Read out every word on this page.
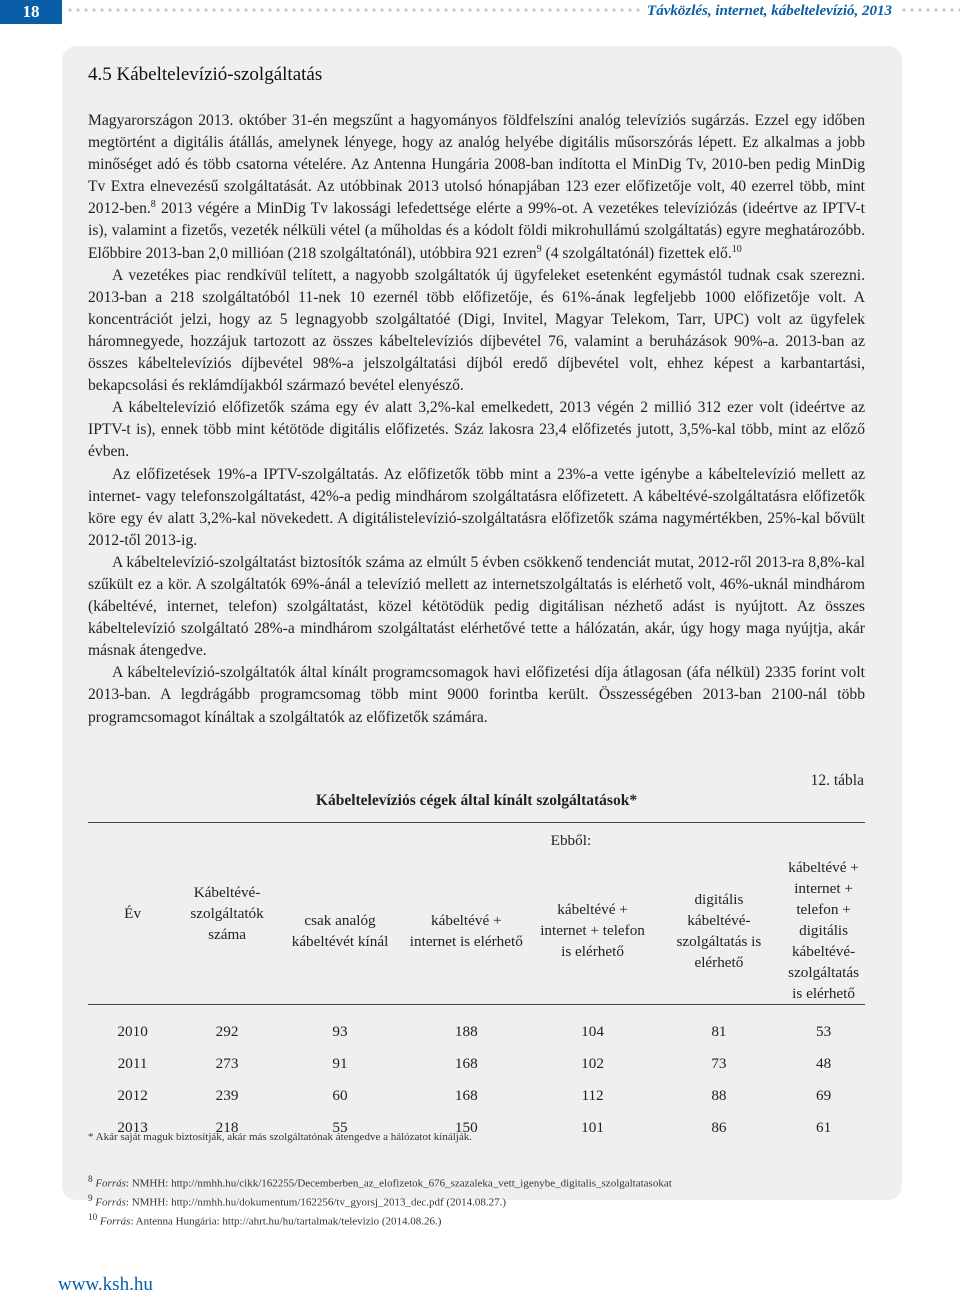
18	Távközlés, internet, kábeltelevízió, 2013
4.5 Kábeltelevízió-szolgáltatás

Magyarországon 2013. október 31-én megszűnt a hagyományos földfelszíni analóg televíziós sugárzás. Ezzel egy időben megtörtént a digitális átállás, amelynek lényege, hogy az analóg helyébe digitális műsorszórás lépett. Ez alkalmas a jobb minőséget adó és több csatorna vételére. Az Antenna Hungária 2008-ban indította el MinDig Tv, 2010-ben pedig MinDig Tv Extra elnevezésű szolgáltatását. Az utóbbinak 2013 utolsó hónapjában 123 ezer előfizetője volt, 40 ezerrel több, mint 2012-ben.$^8$ 2013 végére a MinDig Tv lakossági lefedettsége elérte a 99%-ot. A vezetékes televíziózás (ideértve az IPTV-t is), valamint a fizetős, vezeték nélküli vétel (a műholdas és a kódolt földi mikrohullámú szolgáltatás) egyre meghatározóbb. Előbbire 2013-ban 2,0 millióan (218 szolgáltatónál), utóbbira 921 ezren$^9$ (4 szolgáltatónál) fizettek elő.$^{10}$

A vezetékes piac rendkívül telített, a nagyobb szolgáltatók új ügyfeleket esetenként egymástól tudnak csak szerezni. 2013-ban a 218 szolgáltatóból 11-nek 10 ezernél több előfizetője, és 61%-ának legfeljebb 1000 előfizetője volt. A koncentrációt jelzi, hogy az 5 legnagyobb szolgáltatóé (Digi, Invitel, Magyar Telekom, Tarr, UPC) volt az ügyfelek háromnegyede, hozzájuk tartozott az összes kábeltelevíziós díjbevétel 76, valamint a beruházások 90%-a. 2013-ban az összes kábeltelevíziós díjbevétel 98%-a jelszolgáltatási díjból eredő díjbevétel volt, ehhez képest a karbantartási, bekapcsolási és reklámdíjakból származó bevétel elenyésző.

A kábeltelevízió előfizetők száma egy év alatt 3,2%-kal emelkedett, 2013 végén 2 millió 312 ezer volt (ideértve az IPTV-t is), ennek több mint kétötöde digitális előfizetés. Száz lakosra 23,4 előfizetés jutott, 3,5%-kal több, mint az előző évben.

Az előfizetések 19%-a IPTV-szolgáltatás. Az előfizetők több mint a 23%-a vette igénybe a kábeltelevízió mellett az internet- vagy telefonszolgáltatást, 42%-a pedig mindhárom szolgáltatásra előfizetett. A kábeltévé-szolgáltatásra előfizetők köre egy év alatt 3,2%-kal növekedett. A digitálistelevízió-szolgáltatásra előfizetők száma nagymértékben, 25%-kal bővült 2012-től 2013-ig.

A kábeltelevízió-szolgáltatást biztosítók száma az elmúlt 5 évben csökkenő tendenciát mutat, 2012-ről 2013-ra 8,8%-kal szűkült ez a kör. A szolgáltatók 69%-ánál a televízió mellett az internetszolgáltatás is elérhető volt, 46%-uknál mindhárom (kábeltévé, internet, telefon) szolgáltatást, közel kétötödük pedig digitálisan nézhető adást is nyújtott. Az összes kábeltelevízió szolgáltató 28%-a mindhárom szolgáltatást elérhetővé tette a hálózatán, akár, úgy hogy maga nyújtja, akár másnak átengedve.

A kábeltelevízió-szolgáltatók által kínált programcsomagok havi előfizetési díja átlagosan (áfa nélkül) 2335 forint volt 2013-ban. A legdrágább programcsomag több mint 9000 forintba került. Összességében 2013-ban 2100-nál több programcsomagot kínáltak a szolgáltatók az előfizetők számára.

12. tábla
Kábeltelevíziós cégek által kínált szolgáltatások*
Év	Kábeltévé-szolgáltatók száma	Ebből:				
		csak analóg kábeltévét kínál	kábeltévé + internet is elérhető	kábeltévé + internet + telefon is elérhető	digitális kábeltévé-szolgáltatás is elérhető	kábeltévé + internet + telefon + digitális kábeltévé-szolgáltatás is elérhető

2010	292	93	188	104	81	53
2011	273	91	168	102	73	48
2012	239	60	168	112	88	69
2013	218	55	150	101	86	61
* Akár saját maguk biztosítják, akár más szolgáltatónak átengedve a hálózatot kínálják.
$^8$ Forrás: NMHH: http://nmhh.hu/cikk/162255/Decemberben_az_elofizetok_676_szazaleka_vett_igenybe_digitalis_szolgaltatasokat
$^9$ Forrás: NMHH: http://nmhh.hu/dokumentum/162256/tv_gyorsj_2013_dec.pdf (2014.08.27.)
$^{10}$ Forrás: Antenna Hungária: http://ahrt.hu/hu/tartalmak/televizio (2014.08.26.)
www.ksh.hu
